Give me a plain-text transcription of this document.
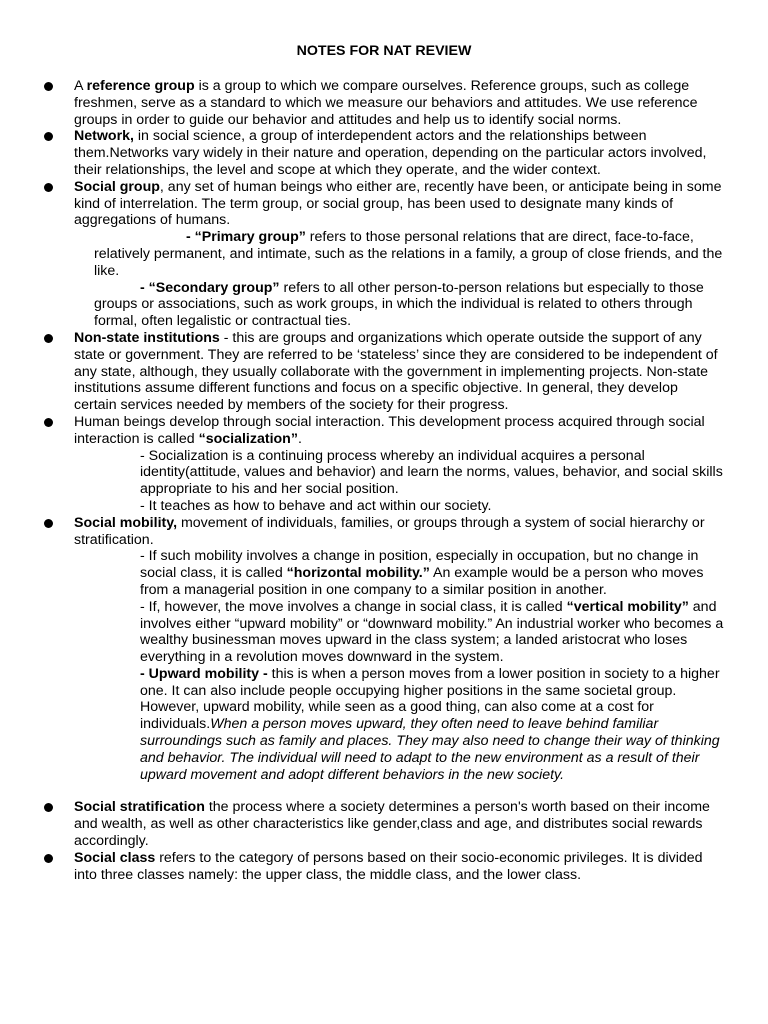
NOTES FOR NAT REVIEW
A reference group is a group to which we compare ourselves. Reference groups, such as college freshmen, serve as a standard to which we measure our behaviors and attitudes. We use reference groups in order to guide our behavior and attitudes and help us to identify social norms.
Network, in social science, a group of interdependent actors and the relationships between them.Networks vary widely in their nature and operation, depending on the particular actors involved, their relationships, the level and scope at which they operate, and the wider context.
Social group, any set of human beings who either are, recently have been, or anticipate being in some kind of interrelation. The term group, or social group, has been used to designate many kinds of aggregations of humans.
- “Primary group” refers to those personal relations that are direct, face-to-face, relatively permanent, and intimate, such as the relations in a family, a group of close friends, and the like.
- “Secondary group” refers to all other person-to-person relations but especially to those groups or associations, such as work groups, in which the individual is related to others through formal, often legalistic or contractual ties.
Non-state institutions - this are groups and organizations which operate outside the support of any state or government. They are referred to be ‘stateless’ since they are considered to be independent of any state, although, they usually collaborate with the government in implementing projects. Non-state institutions assume different functions and focus on a specific objective. In general, they develop certain services needed by members of the society for their progress.
Human beings develop through social interaction. This development process acquired through social interaction is called “socialization”.
- Socialization is a continuing process whereby an individual acquires a personal identity(attitude, values and behavior) and learn the norms, values, behavior, and social skills appropriate to his and her social position.
- It teaches as how to behave and act within our society.
Social mobility, movement of individuals, families, or groups through a system of social hierarchy or stratification.
- If such mobility involves a change in position, especially in occupation, but no change in social class, it is called “horizontal mobility.” An example would be a person who moves from a managerial position in one company to a similar position in another.
- If, however, the move involves a change in social class, it is called “vertical mobility” and involves either “upward mobility” or “downward mobility.” An industrial worker who becomes a wealthy businessman moves upward in the class system; a landed aristocrat who loses everything in a revolution moves downward in the system.
- Upward mobility - this is when a person moves from a lower position in society to a higher one. It can also include people occupying higher positions in the same societal group. However, upward mobility, while seen as a good thing, can also come at a cost for individuals.When a person moves upward, they often need to leave behind familiar surroundings such as family and places. They may also need to change their way of thinking and behavior. The individual will need to adapt to the new environment as a result of their upward movement and adopt different behaviors in the new society.
Social stratification the process where a society determines a person's worth based on their income and wealth, as well as other characteristics like gender,class and age, and distributes social rewards accordingly.
Social class refers to the category of persons based on their socio-economic privileges. It is divided into three classes namely: the upper class, the middle class, and the lower class.
